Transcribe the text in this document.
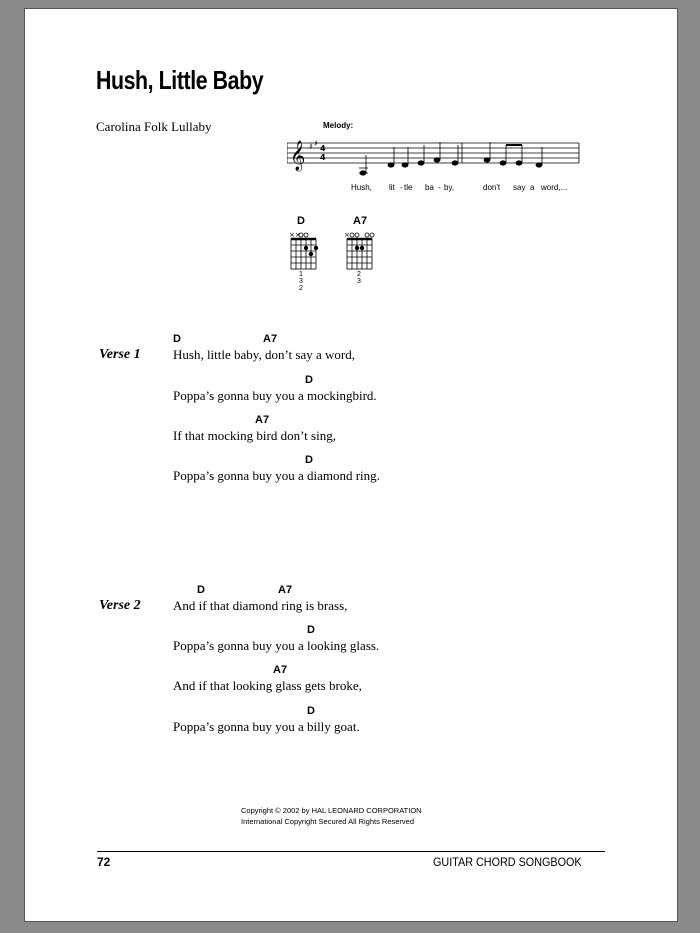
Hush, Little Baby
Carolina Folk Lullaby	Melody:
𝄞 ♯ ♯
4
4
Hush, lit - tle ba - by,	don't say a word,...
D
××
1 3 2
A7
×
2 3
Verse 1
D	A7
Hush, little baby, don’t say a word,
D
Poppa’s gonna buy you a mockingbird.
A7
If that mocking bird don’t sing,
D
Poppa’s gonna buy you a diamond ring.
Verse 2
D	A7
And if that diamond ring is brass,
D
Poppa’s gonna buy you a looking glass.
A7
And if that looking glass gets broke,
D
Poppa’s gonna buy you a billy goat.
Copyright © 2002 by HAL LEONARD CORPORATION
International Copyright Secured All Rights Reserved
72	GUITAR CHORD SONGBOOK
